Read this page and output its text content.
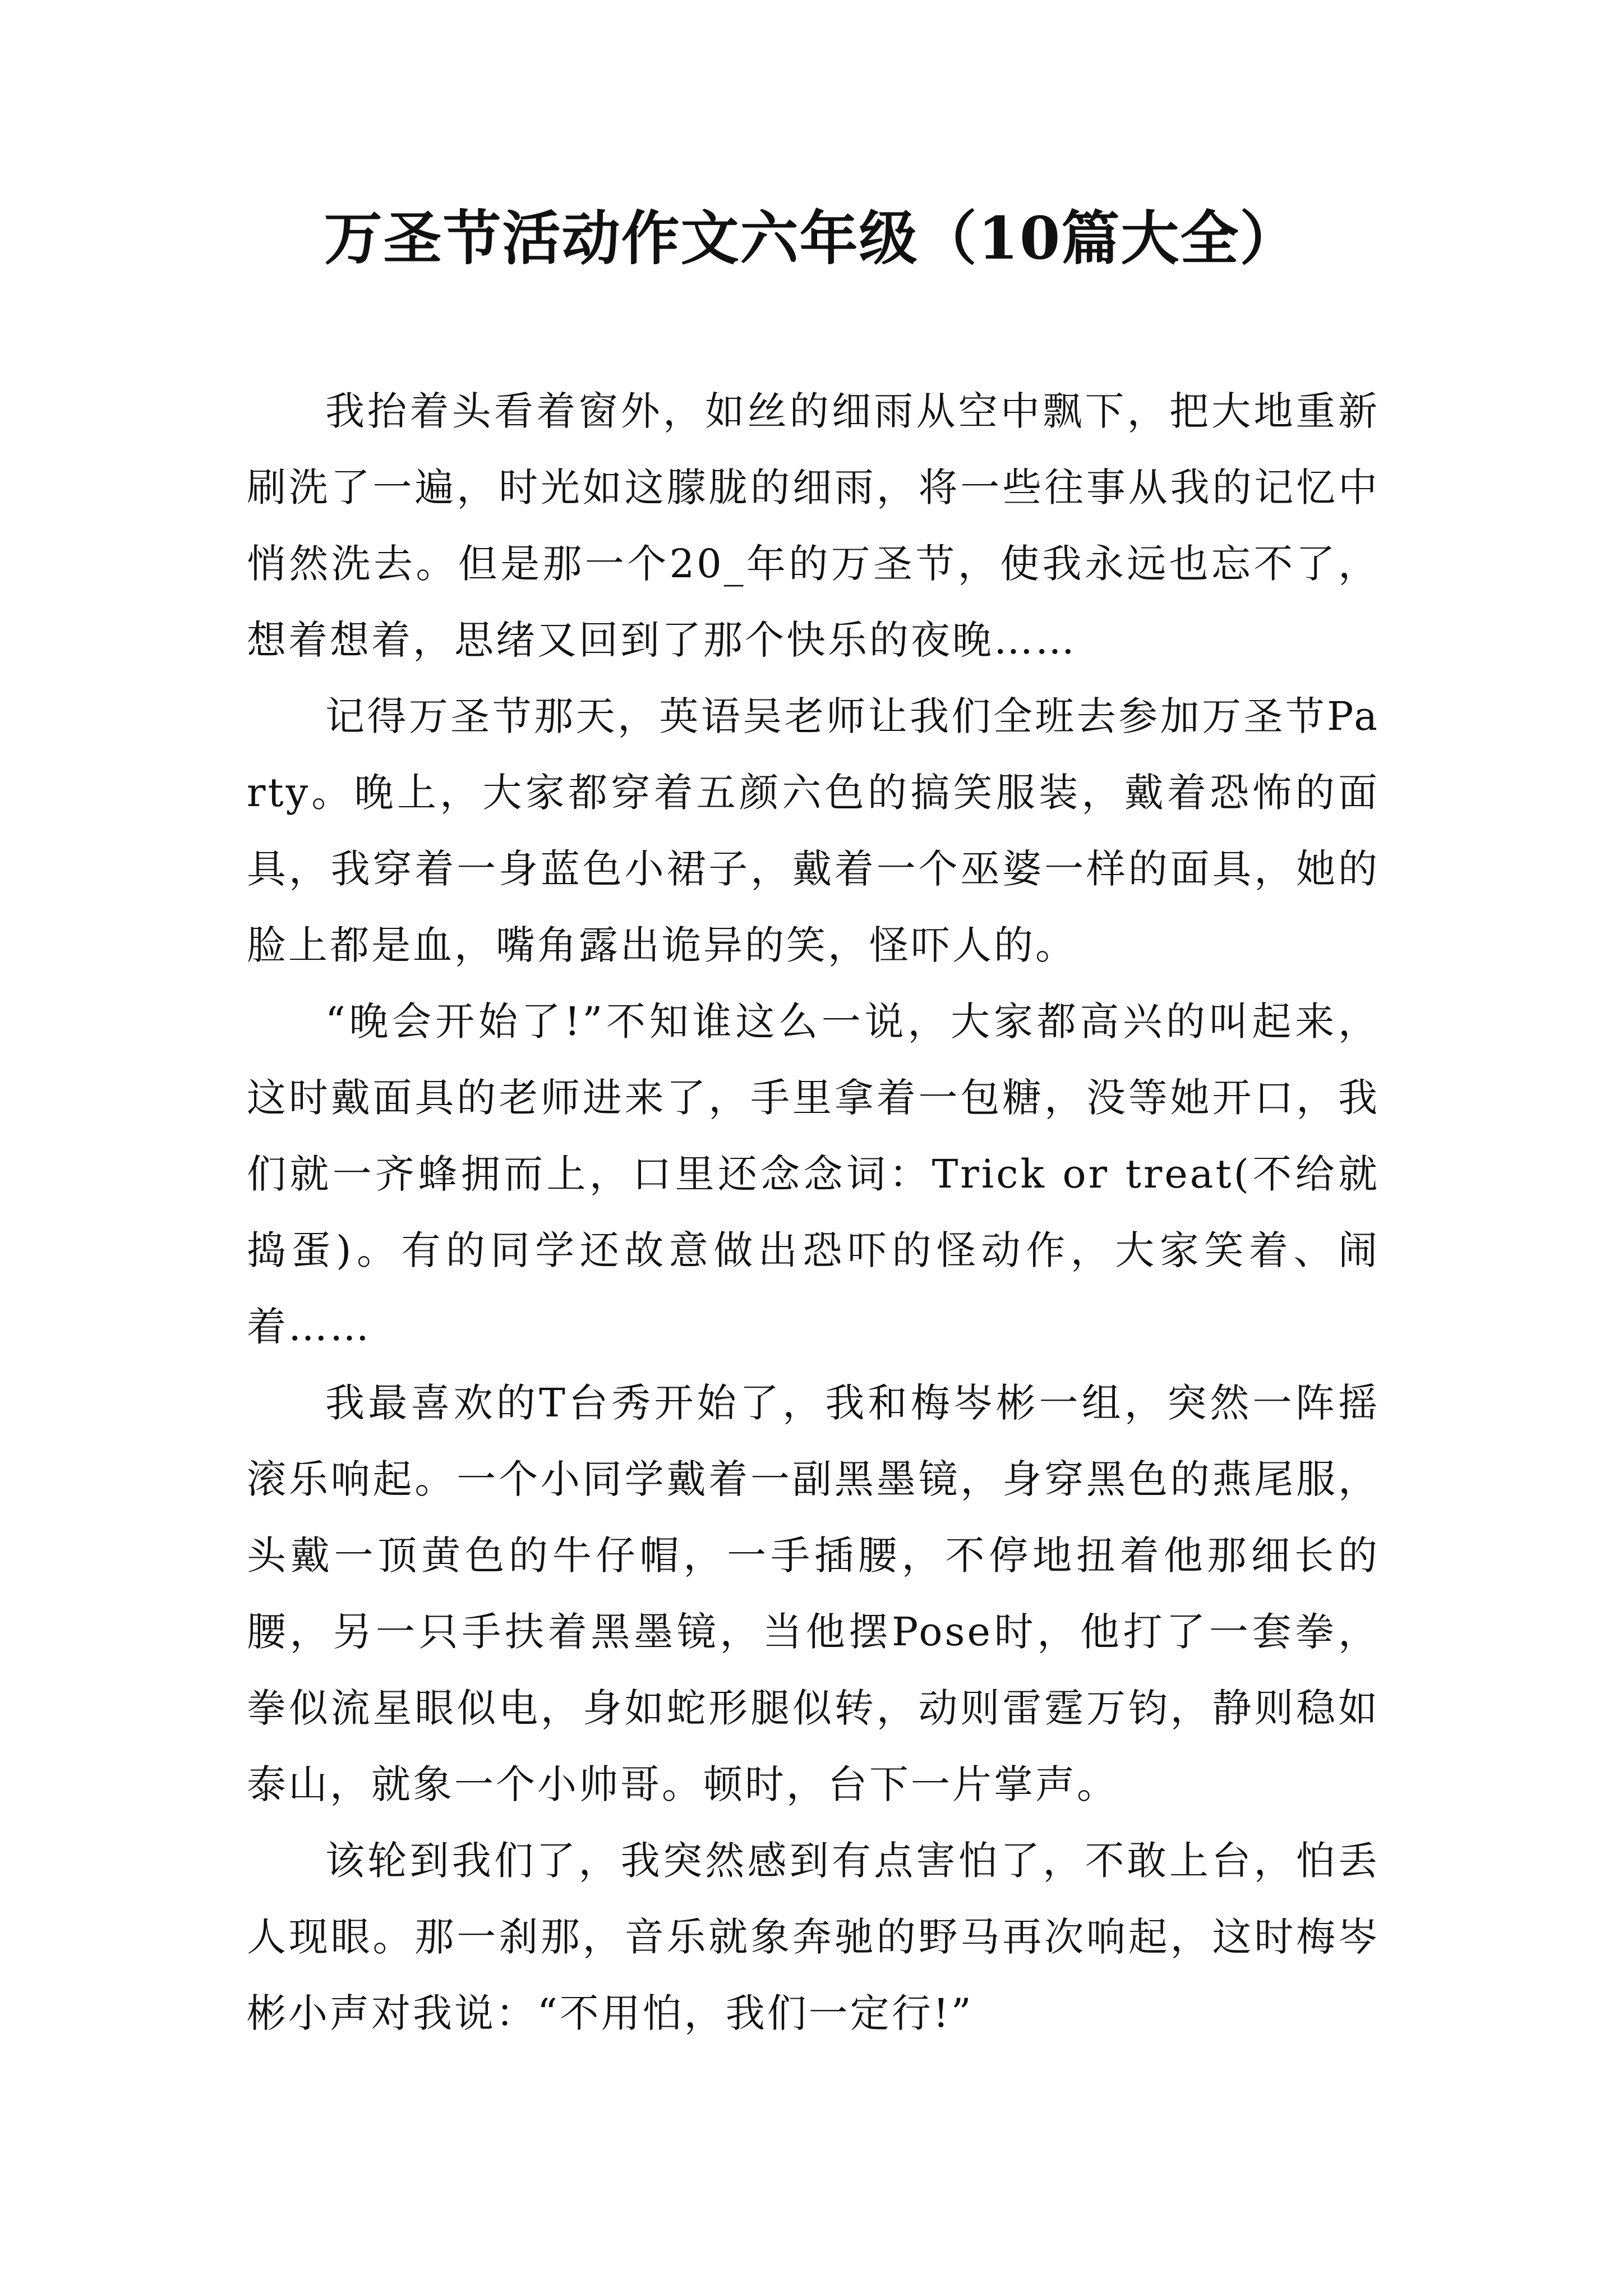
万圣节活动作文六年级（10篇大全）

我抬着头看着窗外，如丝的细雨从空中飘下，把大地重新刷洗了一遍，时光如这朦胧的细雨，将一些往事从我的记忆中悄然洗去。但是那一个20_年的万圣节，使我永远也忘不了，想着想着，思绪又回到了那个快乐的夜晚……

记得万圣节那天，英语吴老师让我们全班去参加万圣节Party。晚上，大家都穿着五颜六色的搞笑服装，戴着恐怖的面具，我穿着一身蓝色小裙子，戴着一个巫婆一样的面具，她的脸上都是血，嘴角露出诡异的笑，怪吓人的。

“晚会开始了!”不知谁这么一说，大家都高兴的叫起来，这时戴面具的老师进来了，手里拿着一包糖，没等她开口，我们就一齐蜂拥而上，口里还念念词：Trick or treat(不给就捣蛋)。有的同学还故意做出恐吓的怪动作，大家笑着、闹着……

我最喜欢的T台秀开始了，我和梅岑彬一组，突然一阵摇滚乐响起。一个小同学戴着一副黑墨镜，身穿黑色的燕尾服，头戴一顶黄色的牛仔帽，一手插腰，不停地扭着他那细长的腰，另一只手扶着黑墨镜，当他摆Pose时，他打了一套拳，拳似流星眼似电，身如蛇形腿似转，动则雷霆万钧，静则稳如泰山，就象一个小帅哥。顿时，台下一片掌声。

该轮到我们了，我突然感到有点害怕了，不敢上台，怕丢人现眼。那一刹那，音乐就象奔驰的野马再次响起，这时梅岑彬小声对我说：“不用怕，我们一定行!”
